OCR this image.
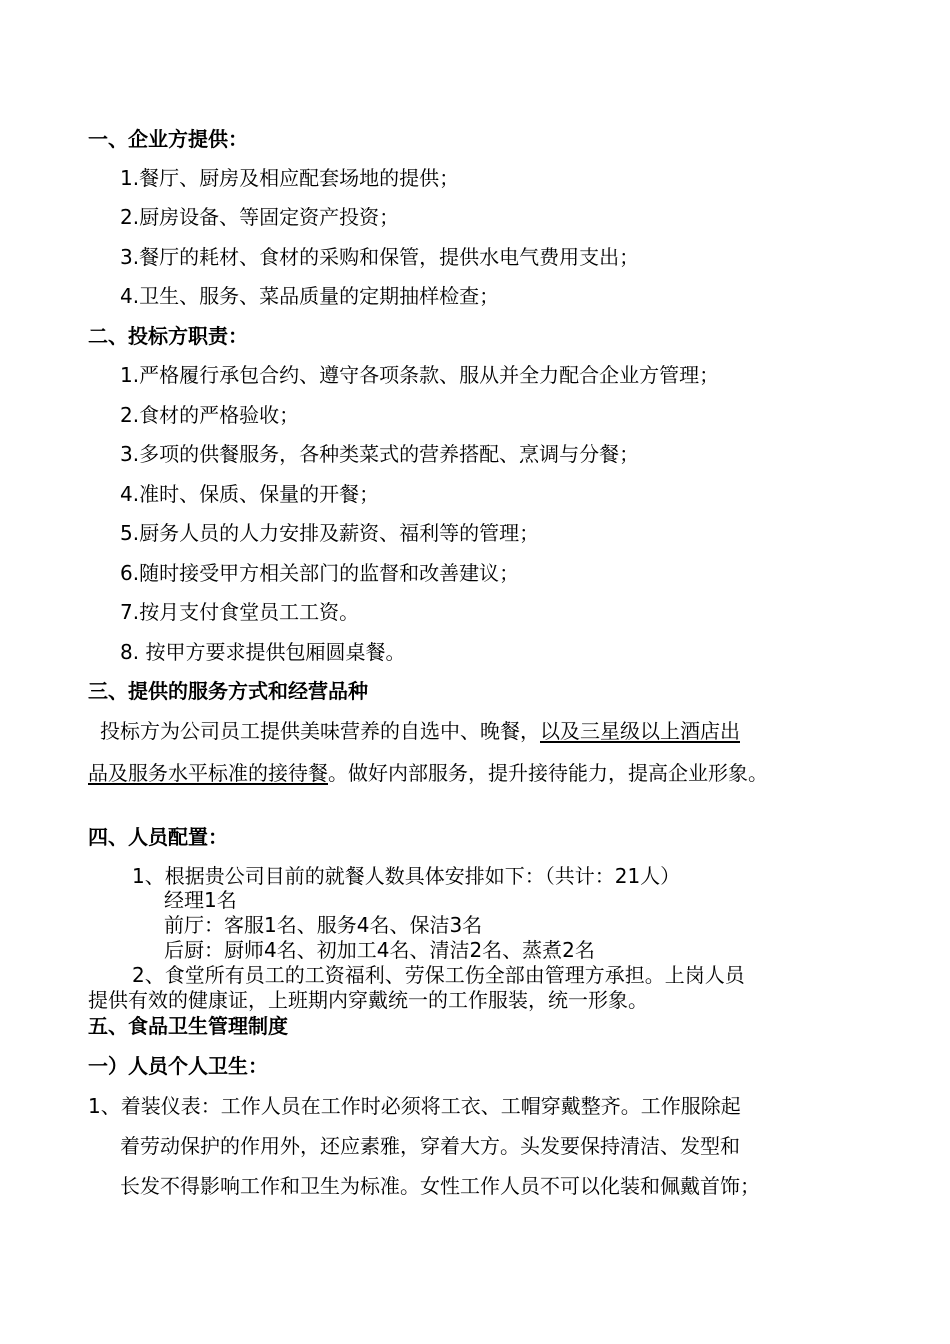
一、企业方提供：
1.餐厅、厨房及相应配套场地的提供；
2.厨房设备、等固定资产投资；
3.餐厅的耗材、食材的采购和保管，提供水电气费用支出；
4.卫生、服务、菜品质量的定期抽样检查；
二、投标方职责：
1.严格履行承包合约、遵守各项条款、服从并全力配合企业方管理；
2.食材的严格验收；
3.多项的供餐服务，各种类菜式的营养搭配、烹调与分餐；
4.准时、保质、保量的开餐；
5.厨务人员的人力安排及薪资、福利等的管理；
6.随时接受甲方相关部门的监督和改善建议；
7.按月支付食堂员工工资。
8. 按甲方要求提供包厢圆桌餐。
三、提供的服务方式和经营品种
投标方为公司员工提供美味营养的自选中、晚餐，以及三星级以上酒店出
品及服务水平标准的接待餐。做好内部服务，提升接待能力，提高企业形象。
四、人员配置：
1、根据贵公司目前的就餐人数具体安排如下：（共计：21人）
经理1名
前厅：客服1名、服务4名、保洁3名
后厨：厨师4名、初加工4名、清洁2名、蒸煮2名
2、食堂所有员工的工资福利、劳保工伤全部由管理方承担。上岗人员
提供有效的健康证，上班期内穿戴统一的工作服装，统一形象。
五、食品卫生管理制度
一）人员个人卫生：
1、着装仪表：工作人员在工作时必须将工衣、工帽穿戴整齐。工作服除起
着劳动保护的作用外，还应素雅，穿着大方。头发要保持清洁、发型和
长发不得影响工作和卫生为标准。女性工作人员不可以化装和佩戴首饰；
